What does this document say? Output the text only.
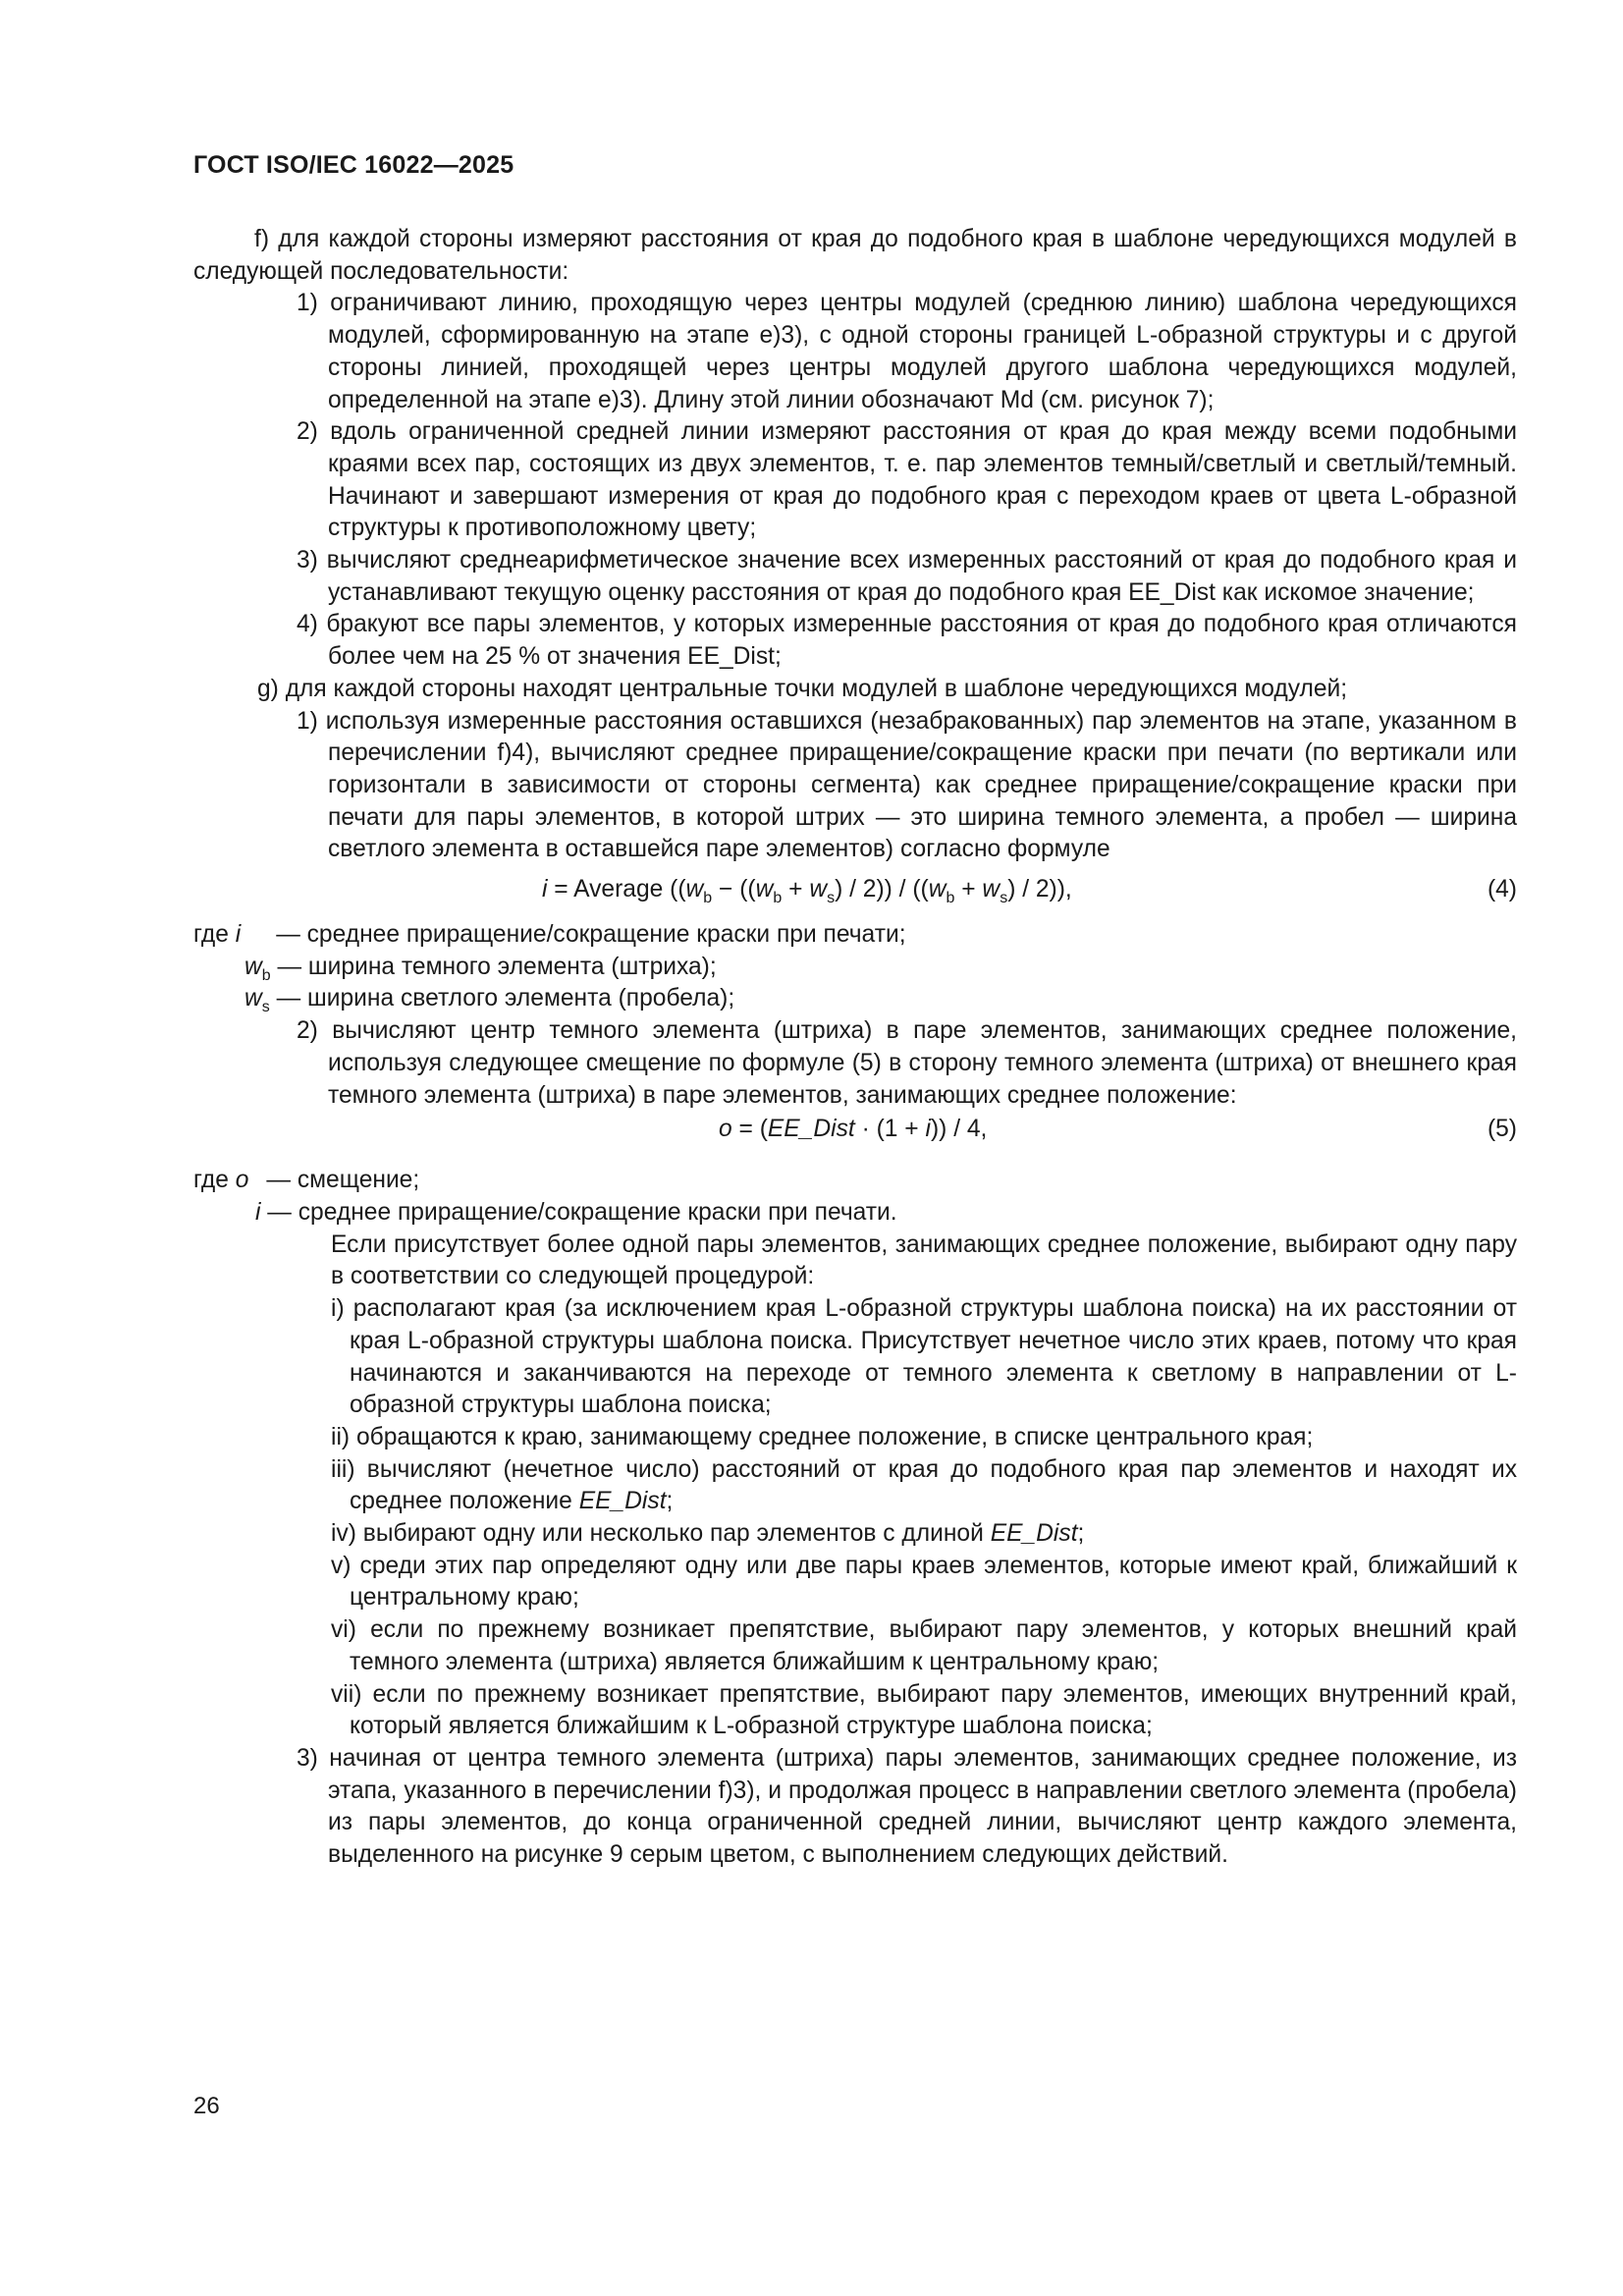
ГОСТ ISO/IEC 16022—2025

f) для каждой стороны измеряют расстояния от края до подобного края в шаблоне чередующихся модулей в следующей последовательности:

1) ограничивают линию, проходящую через центры модулей (среднюю линию) шаблона чередующихся модулей, сформированную на этапе е)3), с одной стороны границей L-образной структуры и с другой стороны линией, проходящей через центры модулей другого шаблона чередующихся модулей, определенной на этапе е)3). Длину этой линии обозначают Md (см. рисунок 7);

2) вдоль ограниченной средней линии измеряют расстояния от края до края между всеми подобными краями всех пар, состоящих из двух элементов, т. е. пар элементов темный/светлый и светлый/темный. Начинают и завершают измерения от края до подобного края с переходом краев от цвета L-образной структуры к противоположному цвету;

3) вычисляют среднеарифметическое значение всех измеренных расстояний от края до подобного края и устанавливают текущую оценку расстояния от края до подобного края EE_Dist как искомое значение;

4) бракуют все пары элементов, у которых измеренные расстояния от края до подобного края отличаются более чем на 25 % от значения EE_Dist;

g) для каждой стороны находят центральные точки модулей в шаблоне чередующихся модулей;

1) используя измеренные расстояния оставшихся (незабракованных) пар элементов на этапе, указанном в перечислении f)4), вычисляют среднее приращение/сокращение краски при печати (по вертикали или горизонтали в зависимости от стороны сегмента) как среднее приращение/сокращение краски при печати для пары элементов, в которой штрих — это ширина темного элемента, а пробел — ширина светлого элемента в оставшейся паре элементов) согласно формуле

i = Average $((w_b - ((w_b + w_s) / 2)) / ((w_b + w_s) / 2))$,	(4)

где i — среднее приращение/сокращение краски при печати;

$w_b$ — ширина темного элемента (штриха);

$w_s$ — ширина светлого элемента (пробела);

2) вычисляют центр темного элемента (штриха) в паре элементов, занимающих среднее положение, используя следующее смещение по формуле (5) в сторону темного элемента (штриха) от внешнего края темного элемента (штриха) в паре элементов, занимающих среднее положение:

o = (EE_Dist · (1 + i)) / 4,	(5)

где o — смещение;

i — среднее приращение/сокращение краски при печати.

Если присутствует более одной пары элементов, занимающих среднее положение, выбирают одну пару в соответствии со следующей процедурой:

i) располагают края (за исключением края L-образной структуры шаблона поиска) на их расстоянии от края L-образной структуры шаблона поиска. Присутствует нечетное число этих краев, потому что края начинаются и заканчиваются на переходе от темного элемента к светлому в направлении от L-образной структуры шаблона поиска;

ii) обращаются к краю, занимающему среднее положение, в списке центрального края;

iii) вычисляют (нечетное число) расстояний от края до подобного края пар элементов и находят их среднее положение EE_Dist;

iv) выбирают одну или несколько пар элементов с длиной EE_Dist;

v) среди этих пар определяют одну или две пары краев элементов, которые имеют край, ближайший к центральному краю;

vi) если по прежнему возникает препятствие, выбирают пару элементов, у которых внешний край темного элемента (штриха) является ближайшим к центральному краю;

vii) если по прежнему возникает препятствие, выбирают пару элементов, имеющих внутренний край, который является ближайшим к L-образной структуре шаблона поиска;

3) начиная от центра темного элемента (штриха) пары элементов, занимающих среднее положение, из этапа, указанного в перечислении f)3), и продолжая процесс в направлении светлого элемента (пробела) из пары элементов, до конца ограниченной средней линии, вычисляют центр каждого элемента, выделенного на рисунке 9 серым цветом, с выполнением следующих действий.

26
